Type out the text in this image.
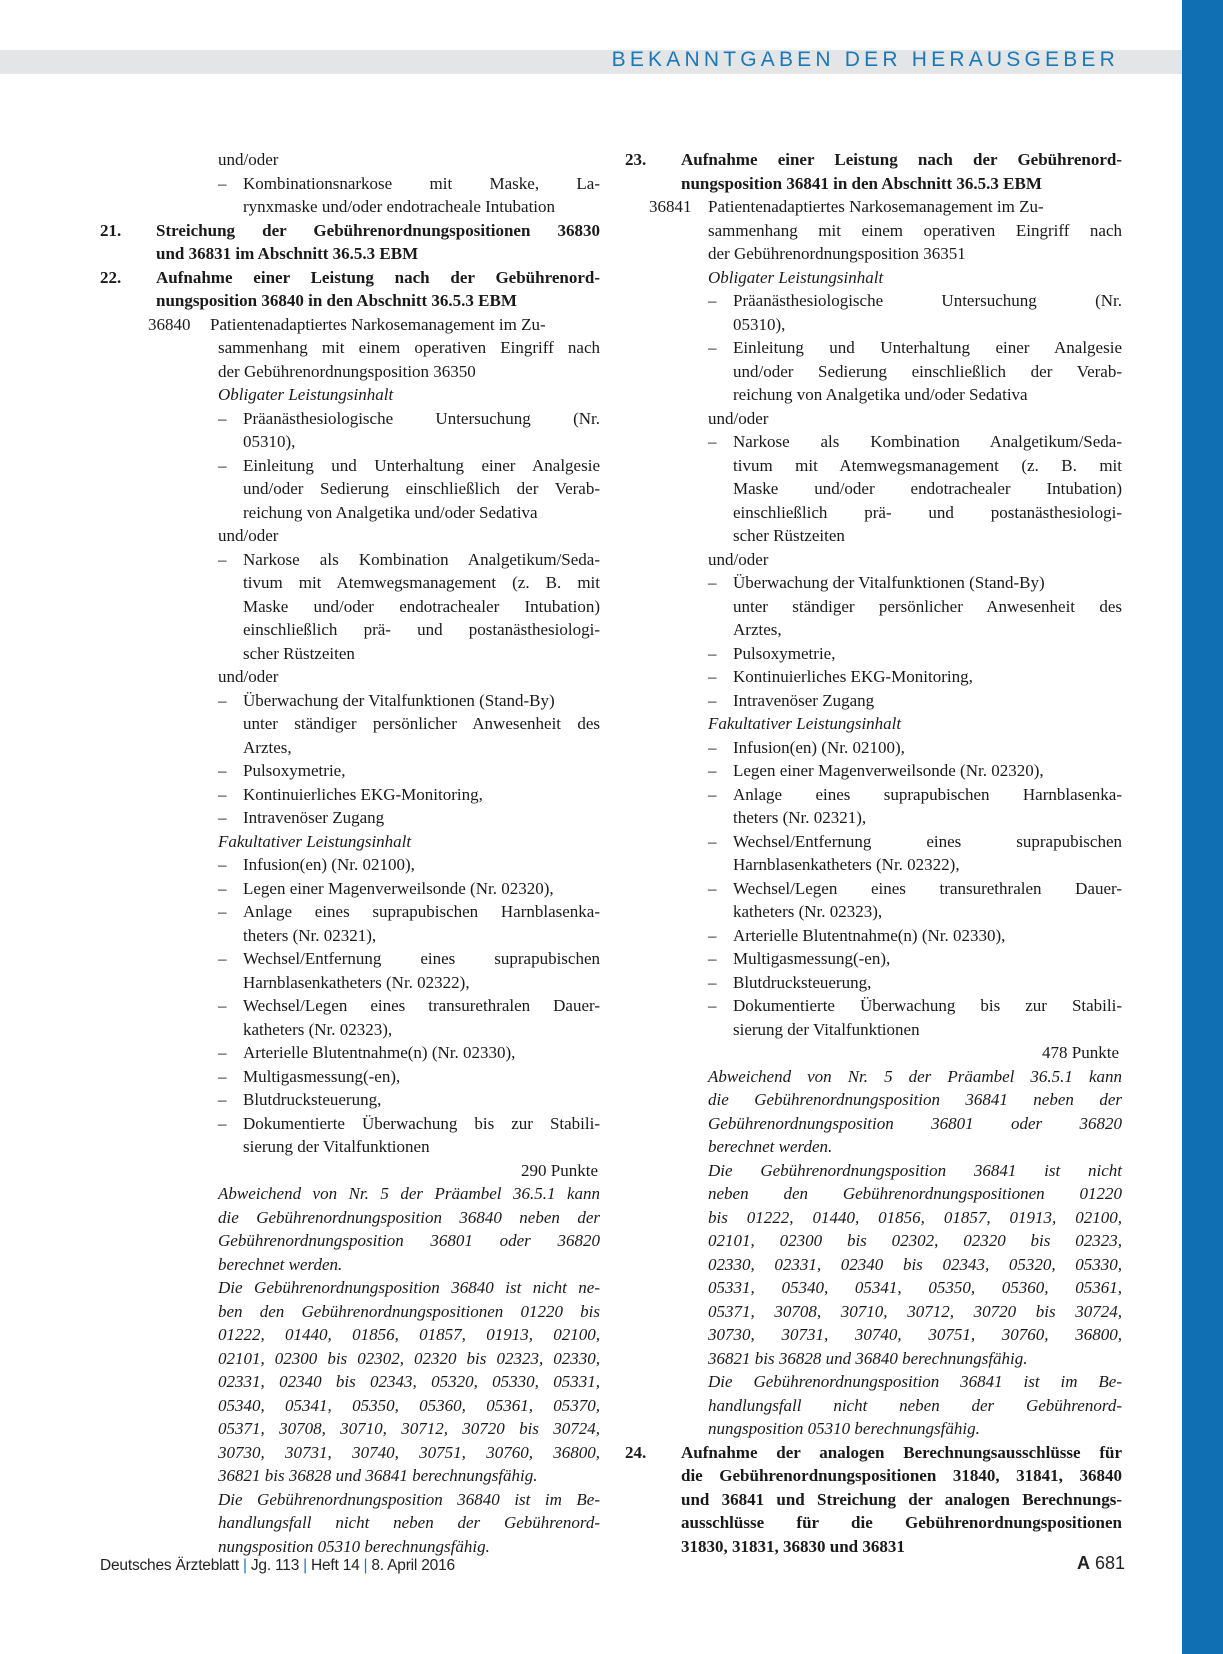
BEKANNTGABEN DER HERAUSGEBER
und/oder
– Kombinationsnarkose mit Maske, La-
rynxmaske und/oder endotracheale Intubation
21. Streichung der Gebührenordnungspositionen 36830
und 36831 im Abschnitt 36.5.3 EBM
22. Aufnahme einer Leistung nach der Gebührenord-
nungsposition 36840 in den Abschnitt 36.5.3 EBM
36840 Patientenadaptiertes Narkosemanagement im Zu-
sammenhang mit einem operativen Eingriff nach
der Gebührenordnungsposition 36350
Obligater Leistungsinhalt
– Präanästhesiologische Untersuchung (Nr.
05310),
– Einleitung und Unterhaltung einer Analgesie
und/oder Sedierung einschließlich der Verab-
reichung von Analgetika und/oder Sedativa
und/oder
– Narkose als Kombination Analgetikum/Seda-
tivum mit Atemwegsmanagement (z. B. mit
Maske und/oder endotrachealer Intubation)
einschließlich prä- und postanästhesiologi-
scher Rüstzeiten
und/oder
– Überwachung der Vitalfunktionen (Stand-By)
unter ständiger persönlicher Anwesenheit des
Arztes,
– Pulsoxymetrie,
– Kontinuierliches EKG-Monitoring,
– Intravenöser Zugang
Fakultativer Leistungsinhalt
– Infusion(en) (Nr. 02100),
– Legen einer Magenverweilsonde (Nr. 02320),
– Anlage eines suprapubischen Harnblasenka-
theters (Nr. 02321),
– Wechsel/Entfernung eines suprapubischen
Harnblasenkatheters (Nr. 02322),
– Wechsel/Legen eines transurethralen Dauer-
katheters (Nr. 02323),
– Arterielle Blutentnahme(n) (Nr. 02330),
– Multigasmessung(-en),
– Blutdrucksteuerung,
– Dokumentierte Überwachung bis zur Stabili-
sierung der Vitalfunktionen
290 Punkte
Abweichend von Nr. 5 der Präambel 36.5.1 kann
die Gebührenordnungsposition 36840 neben der
Gebührenordnungsposition 36801 oder 36820
berechnet werden.
Die Gebührenordnungsposition 36840 ist nicht ne-
ben den Gebührenordnungspositionen 01220 bis
01222, 01440, 01856, 01857, 01913, 02100,
02101, 02300 bis 02302, 02320 bis 02323, 02330,
02331, 02340 bis 02343, 05320, 05330, 05331,
05340, 05341, 05350, 05360, 05361, 05370,
05371, 30708, 30710, 30712, 30720 bis 30724,
30730, 30731, 30740, 30751, 30760, 36800,
36821 bis 36828 und 36841 berechnungsfähig.
Die Gebührenordnungsposition 36840 ist im Be-
handlungsfall nicht neben der Gebührenord-
nungsposition 05310 berechnungsfähig.
23. Aufnahme einer Leistung nach der Gebührenord-
nungsposition 36841 in den Abschnitt 36.5.3 EBM
36841 Patientenadaptiertes Narkosemanagement im Zu-
sammenhang mit einem operativen Eingriff nach
der Gebührenordnungsposition 36351
Obligater Leistungsinhalt
– Präanästhesiologische Untersuchung (Nr.
05310),
– Einleitung und Unterhaltung einer Analgesie
und/oder Sedierung einschließlich der Verab-
reichung von Analgetika und/oder Sedativa
und/oder
– Narkose als Kombination Analgetikum/Seda-
tivum mit Atemwegsmanagement (z. B. mit
Maske und/oder endotrachealer Intubation)
einschließlich prä- und postanästhesiologi-
scher Rüstzeiten
und/oder
– Überwachung der Vitalfunktionen (Stand-By)
unter ständiger persönlicher Anwesenheit des
Arztes,
– Pulsoxymetrie,
– Kontinuierliches EKG-Monitoring,
– Intravenöser Zugang
Fakultativer Leistungsinhalt
– Infusion(en) (Nr. 02100),
– Legen einer Magenverweilsonde (Nr. 02320),
– Anlage eines suprapubischen Harnblasenka-
theters (Nr. 02321),
– Wechsel/Entfernung eines suprapubischen
Harnblasenkatheters (Nr. 02322),
– Wechsel/Legen eines transurethralen Dauer-
katheters (Nr. 02323),
– Arterielle Blutentnahme(n) (Nr. 02330),
– Multigasmessung(-en),
– Blutdrucksteuerung,
– Dokumentierte Überwachung bis zur Stabili-
sierung der Vitalfunktionen
478 Punkte
Abweichend von Nr. 5 der Präambel 36.5.1 kann
die Gebührenordnungsposition 36841 neben der
Gebührenordnungsposition 36801 oder 36820
berechnet werden.
Die Gebührenordnungsposition 36841 ist nicht
neben den Gebührenordnungspositionen 01220
bis 01222, 01440, 01856, 01857, 01913, 02100,
02101, 02300 bis 02302, 02320 bis 02323,
02330, 02331, 02340 bis 02343, 05320, 05330,
05331, 05340, 05341, 05350, 05360, 05361,
05371, 30708, 30710, 30712, 30720 bis 30724,
30730, 30731, 30740, 30751, 30760, 36800,
36821 bis 36828 und 36840 berechnungsfähig.
Die Gebührenordnungsposition 36841 ist im Be-
handlungsfall nicht neben der Gebührenord-
nungsposition 05310 berechnungsfähig.
24. Aufnahme der analogen Berechnungsausschlüsse für
die Gebührenordnungspositionen 31840, 31841, 36840
und 36841 und Streichung der analogen Berechnungs-
ausschlüsse für die Gebührenordnungspositionen
31830, 31831, 36830 und 36831
Deutsches Ärzteblatt | Jg. 113 | Heft 14 | 8. April 2016	A 681
